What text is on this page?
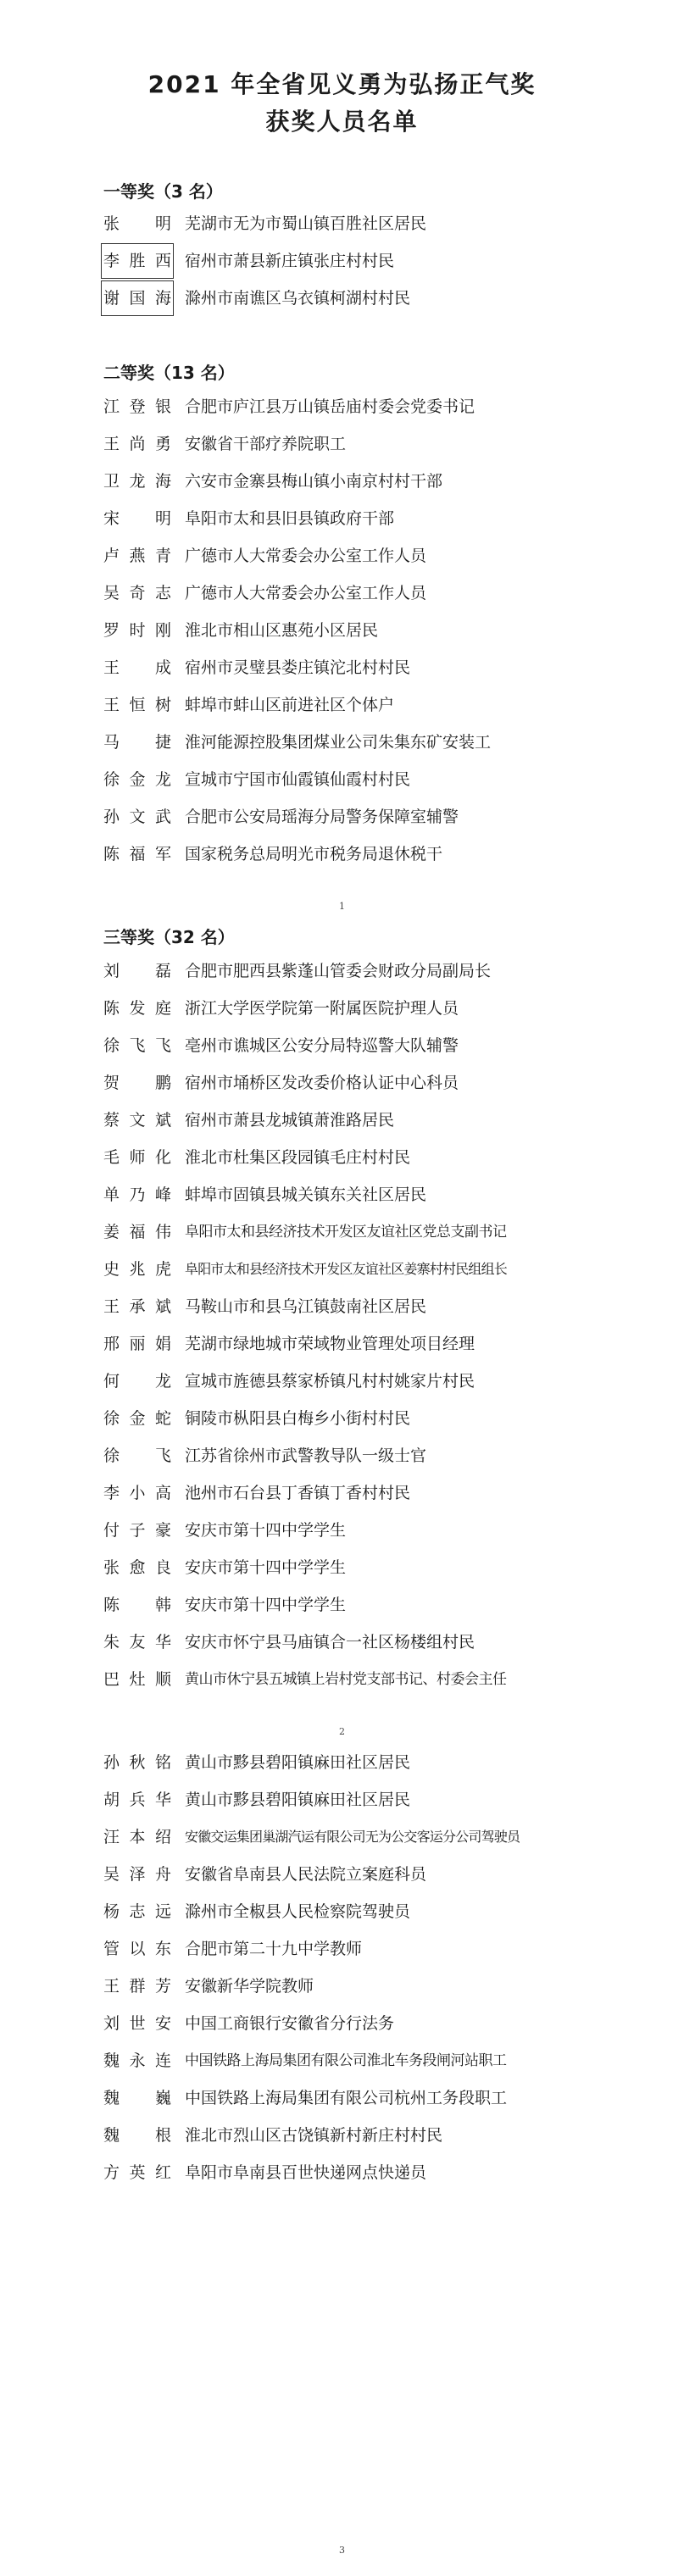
2021 年全省见义勇为弘扬正气奖
获奖人员名单
一等奖（3 名）
张　明 芜湖市无为市蜀山镇百胜社区居民
李胜西 宿州市萧县新庄镇张庄村村民
谢国海 滁州市南谯区乌衣镇柯湖村村民
二等奖（13 名）
江登银 合肥市庐江县万山镇岳庙村委会党委书记
王尚勇 安徽省干部疗养院职工
卫龙海 六安市金寨县梅山镇小南京村村干部
宋　明 阜阳市太和县旧县镇政府干部
卢燕青 广德市人大常委会办公室工作人员
吴奇志 广德市人大常委会办公室工作人员
罗时刚 淮北市相山区惠苑小区居民
王　成 宿州市灵璧县娄庄镇沱北村村民
王恒树 蚌埠市蚌山区前进社区个体户
马　捷 淮河能源控股集团煤业公司朱集东矿安装工
徐金龙 宣城市宁国市仙霞镇仙霞村村民
孙文武 合肥市公安局瑶海分局警务保障室辅警
陈福军 国家税务总局明光市税务局退休税干
1
三等奖（32 名）
刘　磊 合肥市肥西县紫蓬山管委会财政分局副局长
陈发庭 浙江大学医学院第一附属医院护理人员
徐飞飞 亳州市谯城区公安分局特巡警大队辅警
贺　鹏 宿州市埇桥区发改委价格认证中心科员
蔡文斌 宿州市萧县龙城镇萧淮路居民
毛师化 淮北市杜集区段园镇毛庄村村民
单乃峰 蚌埠市固镇县城关镇东关社区居民
姜福伟 阜阳市太和县经济技术开发区友谊社区党总支副书记
史兆虎 阜阳市太和县经济技术开发区友谊社区姜寨村村民组组长
王承斌 马鞍山市和县乌江镇鼓南社区居民
邢丽娟 芜湖市绿地城市荣域物业管理处项目经理
何　龙 宣城市旌德县蔡家桥镇凡村村姚家片村民
徐金蛇 铜陵市枞阳县白梅乡小街村村民
徐　飞 江苏省徐州市武警教导队一级士官
李小高 池州市石台县丁香镇丁香村村民
付子豪 安庆市第十四中学学生
张愈良 安庆市第十四中学学生
陈　韩 安庆市第十四中学学生
朱友华 安庆市怀宁县马庙镇合一社区杨楼组村民
巴灶顺 黄山市休宁县五城镇上岩村党支部书记、村委会主任
2
孙秋铭 黄山市黟县碧阳镇麻田社区居民
胡兵华 黄山市黟县碧阳镇麻田社区居民
汪本绍 安徽交运集团巢湖汽运有限公司无为公交客运分公司驾驶员
吴泽舟 安徽省阜南县人民法院立案庭科员
杨志远 滁州市全椒县人民检察院驾驶员
管以东 合肥市第二十九中学教师
王群芳 安徽新华学院教师
刘世安 中国工商银行安徽省分行法务
魏永连 中国铁路上海局集团有限公司淮北车务段闸河站职工
魏　巍 中国铁路上海局集团有限公司杭州工务段职工
魏　根 淮北市烈山区古饶镇新村新庄村村民
方英红 阜阳市阜南县百世快递网点快递员
3
